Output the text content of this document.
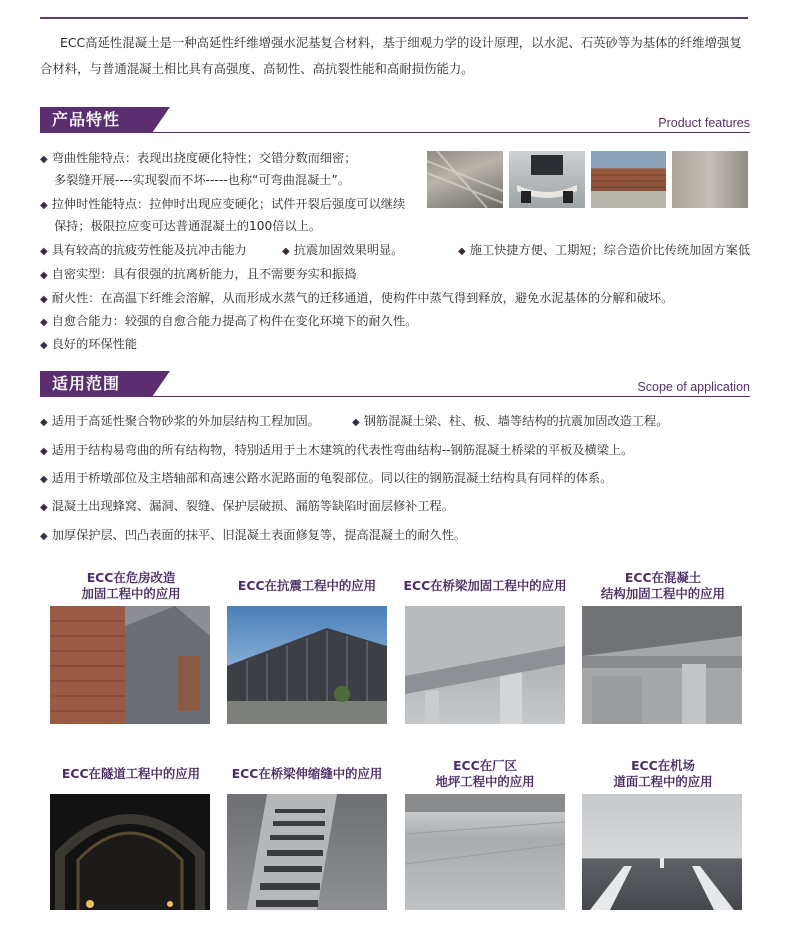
ECC高延性混凝土是一种高延性纤维增强水泥基复合材料，基于细观力学的设计原理，以水泥、石英砂等为基体的纤维增强复合材料，与普通混凝土相比具有高强度、高韧性、高抗裂性能和高耐损伤能力。

产品特性	Product features
◆ 弯曲性能特点：表现出挠度硬化特性；交错分数而细密；
多裂缝开展----实现裂而不坏-----也称“可弯曲混凝土”。
◆ 拉伸时性能特点：拉伸时出现应变硬化；试件开裂后强度可以继续
保持；极限拉应变可达普通混凝土的100倍以上。
◆ 具有较高的抗疲劳性能及抗冲击能力	◆ 抗震加固效果明显。	◆ 施工快捷方便、工期短；综合造价比传统加固方案低
◆ 自密实型：具有很强的抗离析能力，且不需要夯实和振捣
◆ 耐火性：在高温下纤维会溶解，从而形成水蒸气的迁移通道，使构件中蒸气得到释放，避免水泥基体的分解和破坏。
◆ 自愈合能力：较强的自愈合能力提高了构件在变化环境下的耐久性。
◆ 良好的环保性能
适用范围	Scope of application
◆ 适用于高延性聚合物砂浆的外加层结构工程加固。	◆ 钢筋混凝土梁、柱、板、墙等结构的抗震加固改造工程。
◆ 适用于结构易弯曲的所有结构物，特别适用于土木建筑的代表性弯曲结构--钢筋混凝土桥梁的平板及横梁上。
◆ 适用于桥墩部位及主塔轴部和高速公路水泥路面的龟裂部位。同以往的钢筋混凝土结构具有同样的体系。
◆ 混凝土出现蜂窝、漏洞、裂缝、保护层破损、漏筋等缺陷时面层修补工程。
◆ 加厚保护层、凹凸表面的抹平、旧混凝土表面修复等，提高混凝土的耐久性。
ECC在危房改造
加固工程中的应用
ECC在抗震工程中的应用	ECC在桥梁加固工程中的应用
ECC在混凝土
结构加固工程中的应用
ECC在隧道工程中的应用	ECC在桥梁伸缩缝中的应用
ECC在厂区
地坪工程中的应用
ECC在机场
道面工程中的应用
